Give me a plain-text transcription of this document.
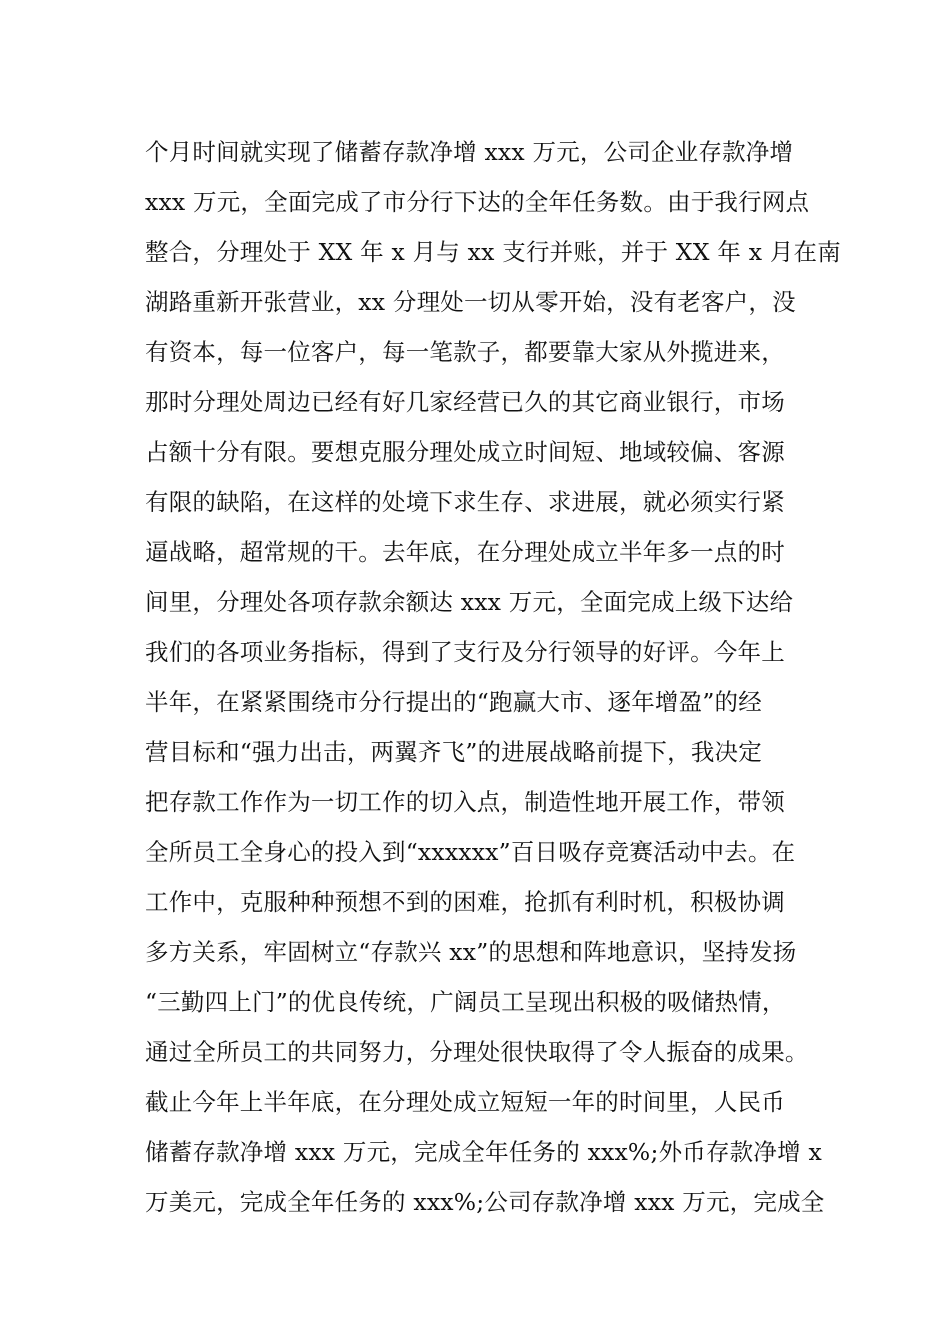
个月时间就实现了储蓄存款净增 xxx 万元，公司企业存款净增
xxx 万元，全面完成了市分行下达的全年任务数。由于我行网点
整合，分理处于 XX 年 x 月与 xx 支行并账，并于 XX 年 x 月在南
湖路重新开张营业，xx 分理处一切从零开始，没有老客户，没
有资本，每一位客户，每一笔款子，都要靠大家从外揽进来，
那时分理处周边已经有好几家经营已久的其它商业银行，市场
占额十分有限。要想克服分理处成立时间短、地域较偏、客源
有限的缺陷，在这样的处境下求生存、求进展，就必须实行紧
逼战略，超常规的干。去年底，在分理处成立半年多一点的时
间里，分理处各项存款余额达 xxx 万元，全面完成上级下达给
我们的各项业务指标，得到了支行及分行领导的好评。今年上
半年，在紧紧围绕市分行提出的“跑赢大市、逐年增盈”的经
营目标和“强力出击，两翼齐飞”的进展战略前提下，我决定
把存款工作作为一切工作的切入点，制造性地开展工作，带领
全所员工全身心的投入到“xxxxxx”百日吸存竞赛活动中去。在
工作中，克服种种预想不到的困难，抢抓有利时机，积极协调
多方关系，牢固树立“存款兴 xx”的思想和阵地意识，坚持发扬
“三勤四上门”的优良传统，广阔员工呈现出积极的吸储热情，
通过全所员工的共同努力，分理处很快取得了令人振奋的成果。
截止今年上半年底，在分理处成立短短一年的时间里，人民币
储蓄存款净增 xxx 万元，完成全年任务的 xxx%;外币存款净增 x
万美元，完成全年任务的 xxx%;公司存款净增 xxx 万元，完成全
